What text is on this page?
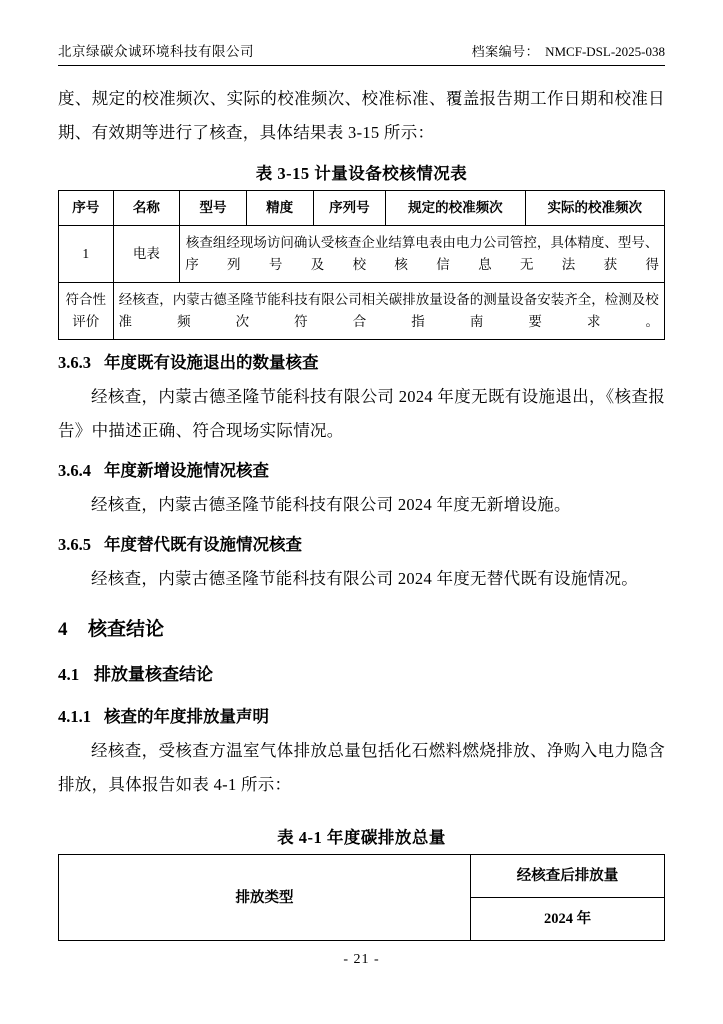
北京绿碳众诚环境科技有限公司	档案编号： NMCF-DSL-2025-038
度、规定的校准频次、实际的校准频次、校准标准、覆盖报告期工作日期和校准日期、有效期等进行了核查，具体结果表 3-15 所示：
表 3-15 计量设备校核情况表
序号	名称	型号	精度	序列号	规定的校准频次	实际的校准频次
1	电表	核查组经现场访问确认受核查企业结算电表由电力公司管控，具体精度、型号、序列号及校核信息无法获得				
符合性评价	经核查，内蒙古德圣隆节能科技有限公司相关碳排放量设备的测量设备安装齐全，检测及校准频次符合指南要求。					
3.6.3 年度既有设施退出的数量核查
经核查，内蒙古德圣隆节能科技有限公司 2024 年度无既有设施退出，《核查报告》中描述正确、符合现场实际情况。
3.6.4 年度新增设施情况核查
经核查，内蒙古德圣隆节能科技有限公司 2024 年度无新增设施。
3.6.5 年度替代既有设施情况核查
经核查，内蒙古德圣隆节能科技有限公司 2024 年度无替代既有设施情况。
4 核查结论
4.1 排放量核查结论
4.1.1 核查的年度排放量声明
经核查，受核查方温室气体排放总量包括化石燃料燃烧排放、净购入电力隐含排放，具体报告如表 4-1 所示：
表 4-1 年度碳排放总量
排放类型	经核查后排放量
2024 年
- 21 -
